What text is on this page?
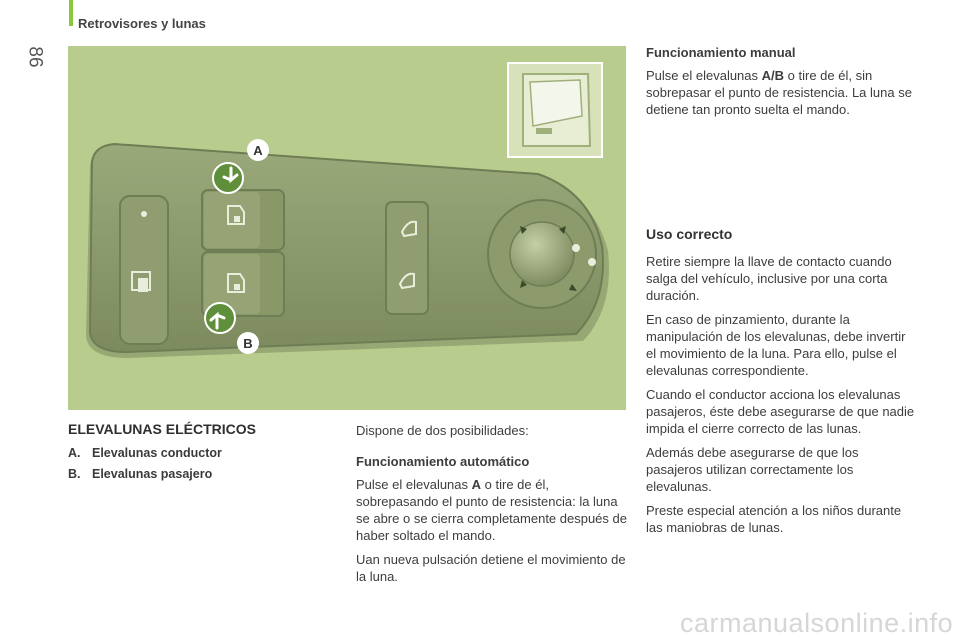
Retrovisores y lunas
86
A
B
ELEVALUNAS ELÉCTRICOS
A. Elevalunas conductor
B. Elevalunas pasajero

Dispone de dos posibilidades:

Funcionamiento automático

Pulse el elevalunas A o tire de él, sobrepasando el punto de resistencia: la luna se abre o se cierra completamente después de haber soltado el mando.

Uan nueva pulsación detiene el movimiento de la luna.

Funcionamiento manual

Pulse el elevalunas A/B o tire de él, sin sobrepasar el punto de resistencia. La luna se detiene tan pronto suelta el mando.

Uso correcto

Retire siempre la llave de contacto cuando salga del vehículo, inclusive por una corta duración.

En caso de pinzamiento, durante la manipulación de los elevalunas, debe invertir el movimiento de la luna. Para ello, pulse el elevalunas correspondiente.

Cuando el conductor acciona los elevalunas pasajeros, éste debe asegurarse de que nadie impida el cierre correcto de las lunas.

Además debe asegurarse de que los pasajeros utilizan correctamente los elevalunas.

Preste especial atención a los niños durante las maniobras de lunas.

carmanualsonline.info
